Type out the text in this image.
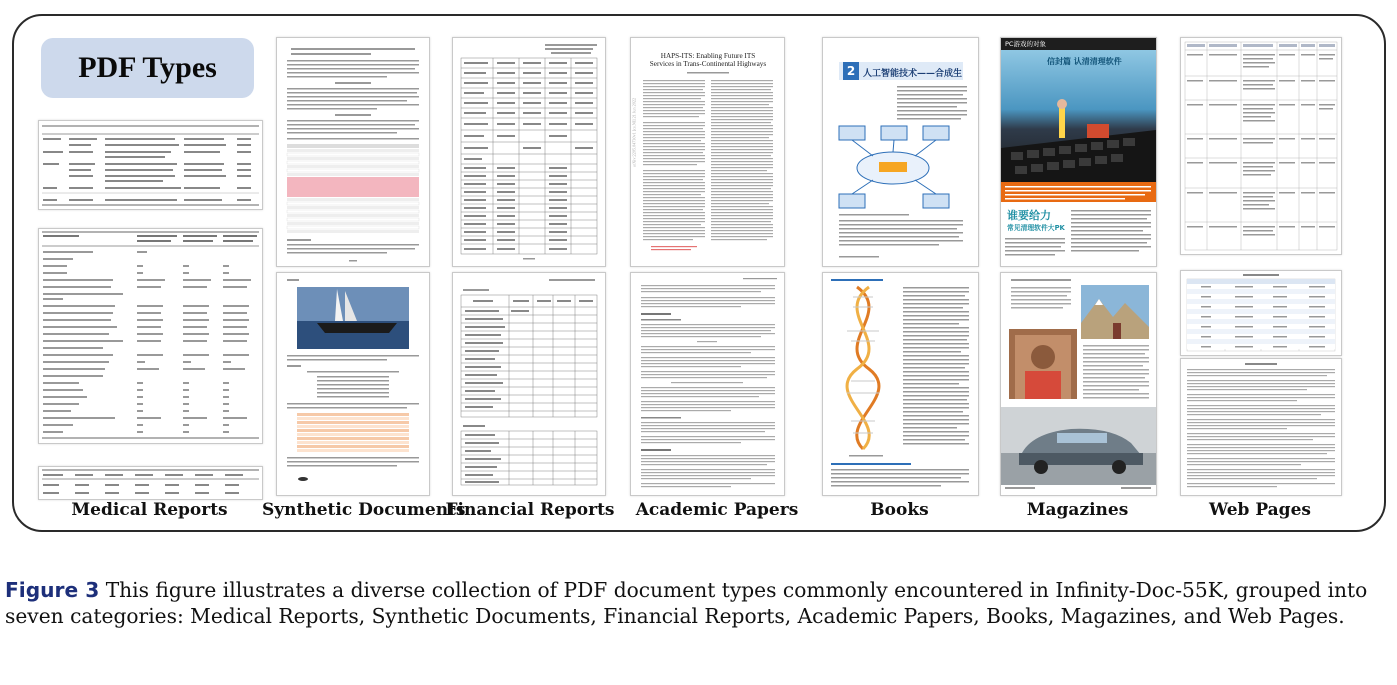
PDF Types	HAPS-ITS: Enabling Future ITS Services in Trans-Continental Highways
arXiv:2205.04730v1 [cs.NI] 21 Jun 2022
2 人工智能技术——合成生
PC游戏的对象
信封篇 认清清理软件
谁要给力
常见清理软件大PK
Medical Reports	Synthetic Documents
Financial Reports	Academic Papers	Books	Magazines	Web Pages
Figure 3 This figure illustrates a diverse collection of PDF document types commonly encountered in Infinity-Doc-55K, grouped into seven categories: Medical Reports, Synthetic Documents, Financial Reports, Academic Papers, Books, Magazines, and Web Pages.
